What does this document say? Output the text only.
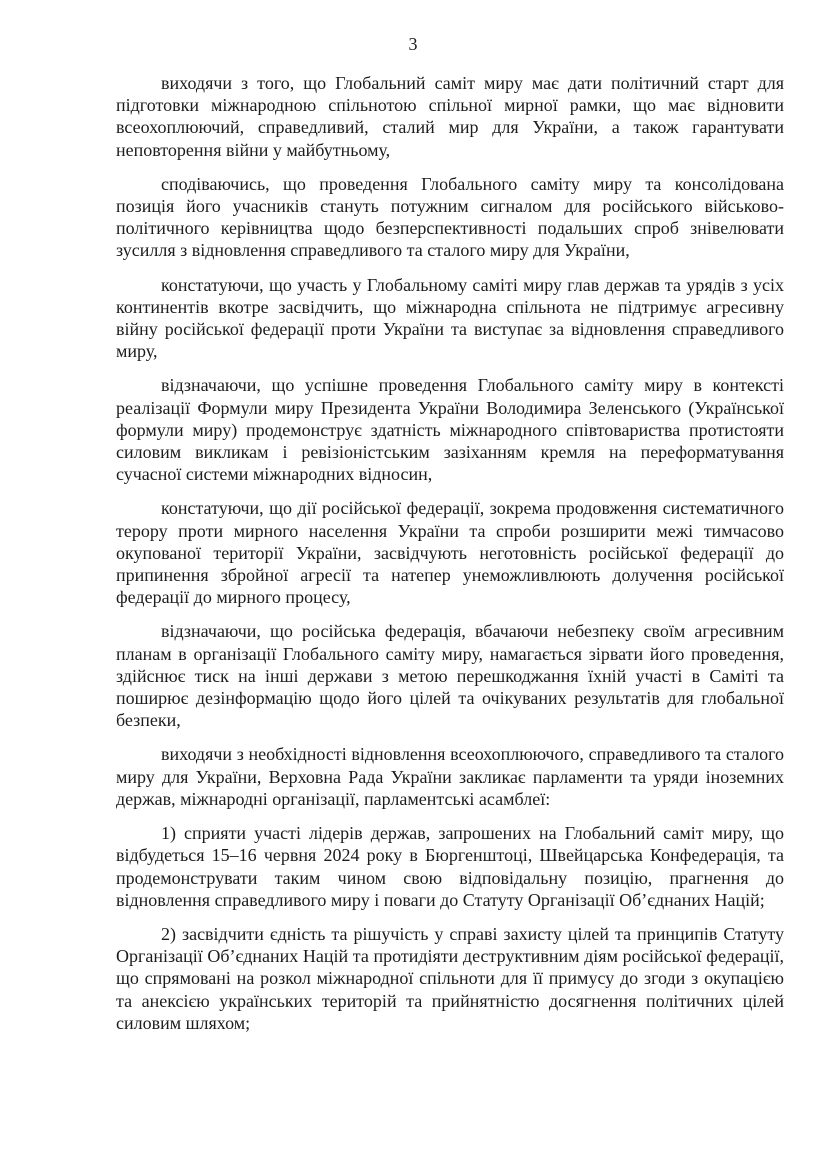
3

виходячи з того, що Глобальний саміт миру має дати політичний старт для підготовки міжнародною спільнотою спільної мирної рамки, що має відновити всеохоплюючий, справедливий, сталий мир для України, а також гарантувати неповторення війни у майбутньому,

сподіваючись, що проведення Глобального саміту миру та консолідована позиція його учасників стануть потужним сигналом для російського військово-політичного керівництва щодо безперспективності подальших спроб знівелювати зусилля з відновлення справедливого та сталого миру для України,

констатуючи, що участь у Глобальному саміті миру глав держав та урядів з усіх континентів вкотре засвідчить, що міжнародна спільнота не підтримує агресивну війну російської федерації проти України та виступає за відновлення справедливого миру,

відзначаючи, що успішне проведення Глобального саміту миру в контексті реалізації Формули миру Президента України Володимира Зеленського (Української формули миру) продемонструє здатність міжнародного співтовариства протистояти силовим викликам і ревізіоністським зазіханням кремля на переформатування сучасної системи міжнародних відносин,

констатуючи, що дії російської федерації, зокрема продовження систематичного терору проти мирного населення України та спроби розширити межі тимчасово окупованої території України, засвідчують неготовність російської федерації до припинення збройної агресії та натепер унеможливлюють долучення російської федерації до мирного процесу,

відзначаючи, що російська федерація, вбачаючи небезпеку своїм агресивним планам в організації Глобального саміту миру, намагається зірвати його проведення, здійснює тиск на інші держави з метою перешкоджання їхній участі в Саміті та поширює дезінформацію щодо його цілей та очікуваних результатів для глобальної безпеки,

виходячи з необхідності відновлення всеохоплюючого, справедливого та сталого миру для України, Верховна Рада України закликає парламенти та уряди іноземних держав, міжнародні організації, парламентські асамблеї:

1) сприяти участі лідерів держав, запрошених на Глобальний саміт миру, що відбудеться 15–16 червня 2024 року в Бюргенштоці, Швейцарська Конфедерація, та продемонструвати таким чином свою відповідальну позицію, прагнення до відновлення справедливого миру і поваги до Статуту Організації Об’єднаних Націй;

2) засвідчити єдність та рішучість у справі захисту цілей та принципів Статуту Організації Об’єднаних Націй та протидіяти деструктивним діям російської федерації, що спрямовані на розкол міжнародної спільноти для її примусу до згоди з окупацією та анексією українських територій та прийнятністю досягнення політичних цілей силовим шляхом;
